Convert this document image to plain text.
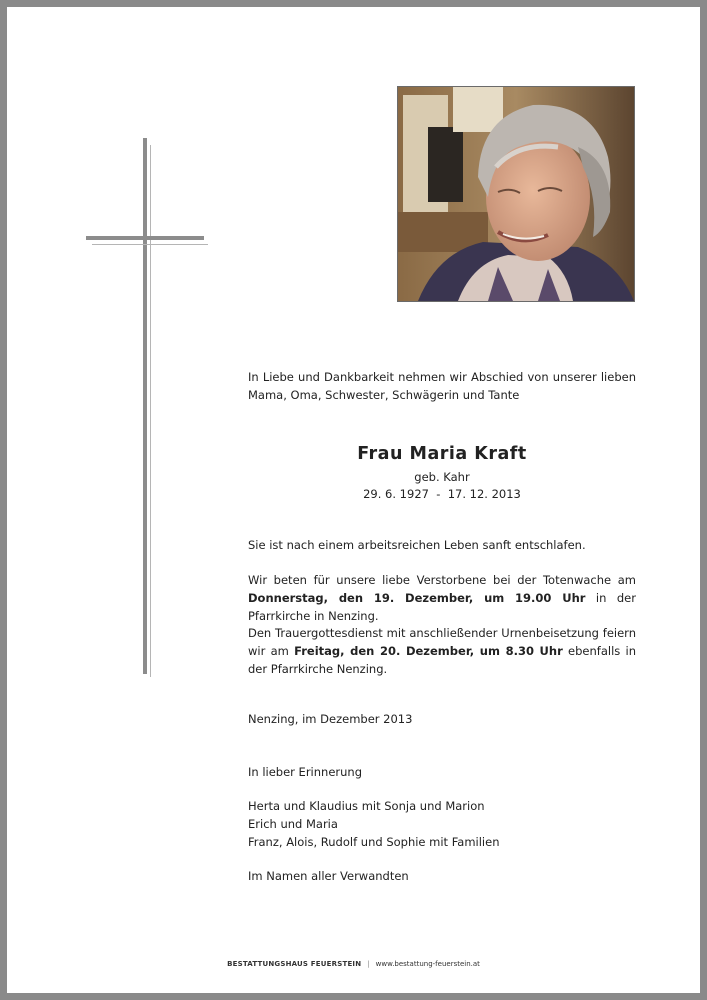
In Liebe und Dankbarkeit nehmen wir Abschied von unserer lieben Mama, Oma, Schwester, Schwägerin und Tante
Frau Maria Kraft
geb. Kahr
29. 6. 1927  -  17. 12. 2013
Sie ist nach einem arbeitsreichen Leben sanft entschlafen.
Wir beten für unsere liebe Verstorbene bei der Totenwache am Donnerstag, den 19. Dezember, um 19.00 Uhr in der Pfarrkirche in Nenzing.
Den Trauergottesdienst mit anschließender Urnenbeisetzung feiern wir am Freitag, den 20. Dezember, um 8.30 Uhr ebenfalls in der Pfarrkirche Nenzing.
Nenzing, im Dezember 2013
In lieber Erinnerung
Herta und Klaudius mit Sonja und Marion
Erich und Maria
Franz, Alois, Rudolf und Sophie mit Familien
Im Namen aller Verwandten
BESTATTUNGSHAUS FEUERSTEIN | www.bestattung-feuerstein.at
